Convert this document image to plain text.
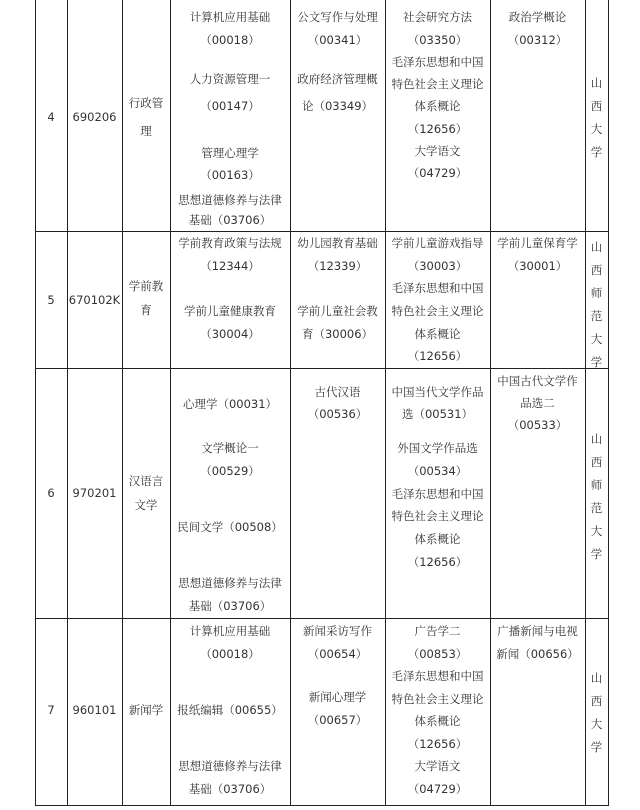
4 690206
行政管
理
计算机应用基础
（00018）
人力资源管理一
（00147）
管理心理学
（00163）
思想道德修养与法律
基础（03706）
公文写作与处理
（00341）
政府经济管理概
论（03349）
社会研究方法
（03350）
毛泽东思想和中国
特色社会主义理论
体系概论
（12656）
大学语文
（04729）
政治学概论
（00312）
山西大学
5 670102K
学前教
育
学前教育政策与法规
（12344）
学前儿童健康教育
（30004）
幼儿园教育基础
（12339）
学前儿童社会教
育（30006）
学前儿童游戏指导
（30003）
毛泽东思想和中国
特色社会主义理论
体系概论
（12656）
学前儿童保育学
（30001）
山西师范大学
6 970201
汉语言
文学
心理学（00031）
文学概论一
（00529）
民间文学（00508）
思想道德修养与法律
基础（03706）
古代汉语
（00536）
中国当代文学作品
选（00531）
外国文学作品选
（00534）
毛泽东思想和中国
特色社会主义理论
体系概论
（12656）
中国古代文学作
品选二
（00533）
山西师范大学
7 960101 新闻学
计算机应用基础
（00018）
报纸编辑（00655）
思想道德修养与法律
基础（03706）
新闻采访写作
（00654）
新闻心理学
（00657）
广告学二
（00853）
毛泽东思想和中国
特色社会主义理论
体系概论
（12656）
大学语文
（04729）
广播新闻与电视
新闻（00656）
山西大学
